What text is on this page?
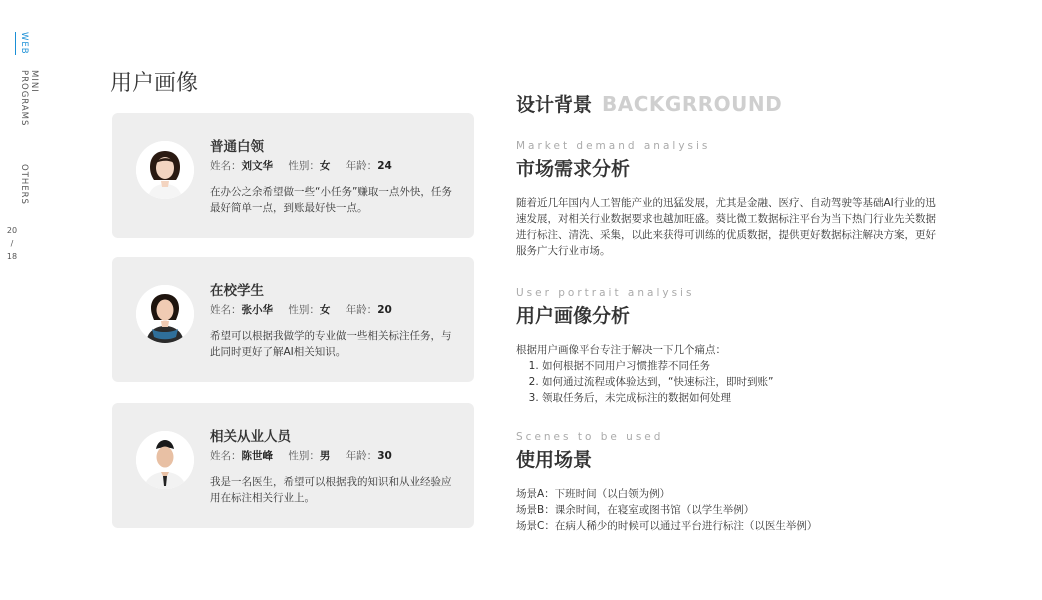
WEB
MINI PROGRAMS
OTHERS
20
/
18
用户画像
普通白领
姓名：刘文华 性别：女 年龄：24
在办公之余希望做一些“小任务”赚取一点外快，任务最好简单一点，到账最好快一点。
在校学生
姓名：张小华 性别：女 年龄：20
希望可以根据我做学的专业做一些相关标注任务，与此同时更好了解AI相关知识。
相关从业人员
姓名：陈世峰 性别：男 年龄：30
我是一名医生，希望可以根据我的知识和从业经验应用在标注相关行业上。
设计背景 BACKGRROUND
Market demand analysis
市场需求分析
随着近几年国内人工智能产业的迅猛发展，尤其是金融、医疗、自动驾驶等基础AI行业的迅速发展，对相关行业数据要求也越加旺盛。葵比微工数据标注平台为当下热门行业先关数据进行标注、清洗、采集，以此来获得可训练的优质数据，提供更好数据标注解决方案，更好服务广大行业市场。
User portrait analysis
用户画像分析
根据用户画像平台专注于解决一下几个痛点：
1. 如何根据不同用户习惯推荐不同任务
2. 如何通过流程或体验达到，“快速标注，即时到账”
3. 领取任务后，未完成标注的数据如何处理
Scenes to be used
使用场景
场景A：下班时间（以白领为例）
场景B：课余时间，在寝室或图书馆（以学生举例）
场景C：在病人稀少的时候可以通过平台进行标注（以医生举例）
